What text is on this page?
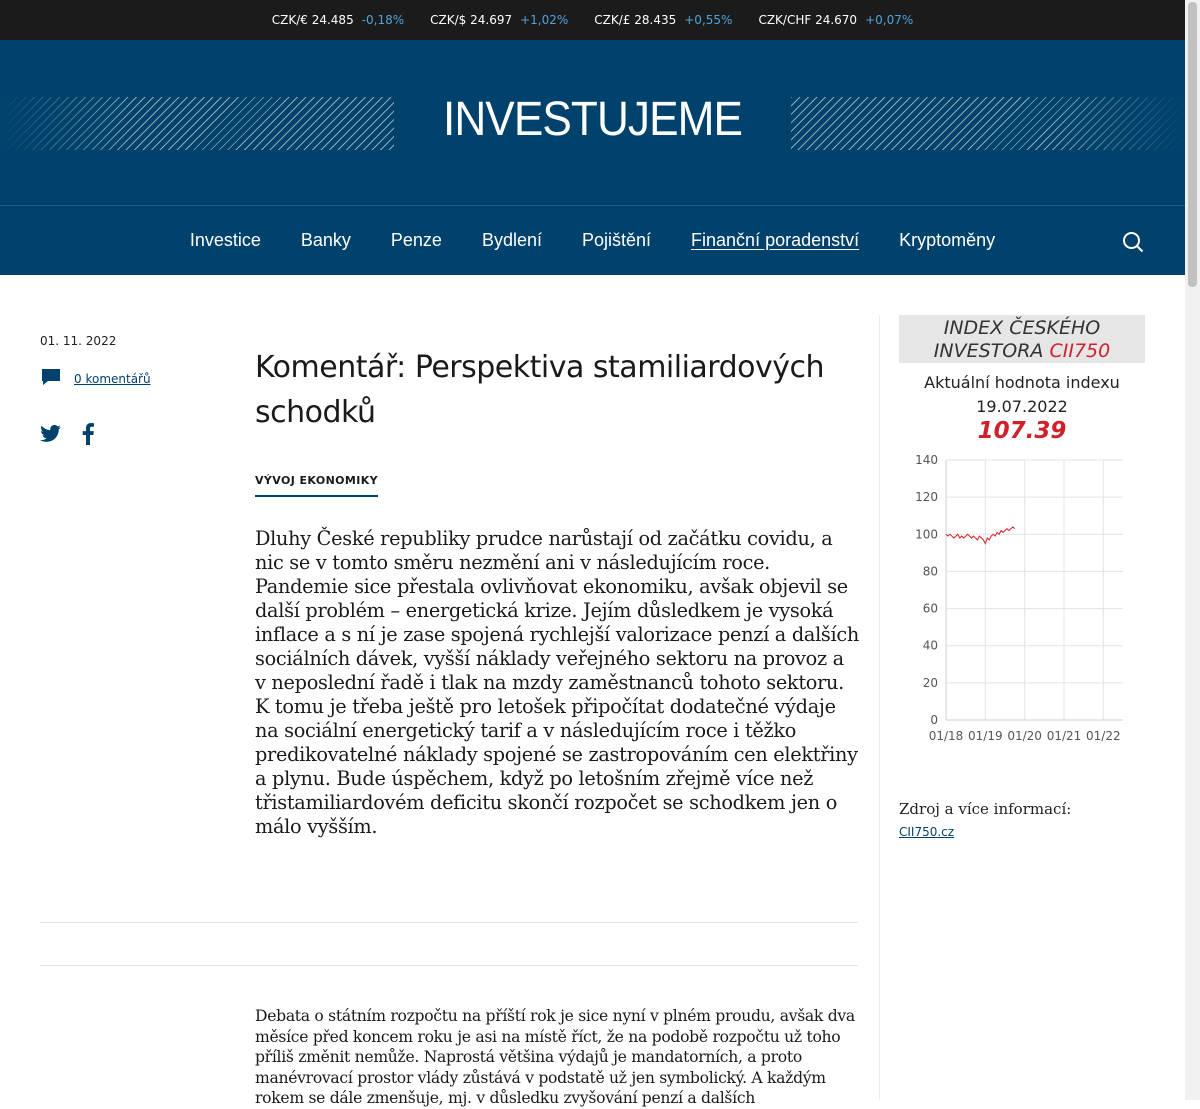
CZK/€ 24.485 -0,18% CZK/$ 24.697 +1,02% CZK/£ 28.435 +0,55% CZK/CHF 24.670 +0,07%
INVESTUJEME
Investice Banky Penze Bydlení Pojištění Finanční poradenství Kryptoměny
01. 11. 2022
0 komentářů	Komentář: Perspektiva stamiliardových schodků
VÝVOJ EKONOMIKY

Dluhy České republiky prudce narůstají od začátku covidu, a nic se v tomto směru nezmění ani v následujícím roce. Pandemie sice přestala ovlivňovat ekonomiku, avšak objevil se další problém – energetická krize. Jejím důsledkem je vysoká inflace a s ní je zase spojená rychlejší valorizace penzí a dalších sociálních dávek, vyšší náklady veřejného sektoru na provoz a v neposlední řadě i tlak na mzdy zaměstnanců tohoto sektoru. K tomu je třeba ještě pro letošek připočítat dodatečné výdaje na sociální energetický tarif a v následujícím roce i těžko predikovatelné náklady spojené se zastropováním cen elektřiny a plynu. Bude úspěchem, když po letošním zřejmě více než třistamiliardovém deficitu skončí rozpočet se schodkem jen o málo vyšším.

Debata o státním rozpočtu na příští rok je sice nyní v plném proudu, avšak dva měsíce před koncem roku je asi na místě říct, že na podobě rozpočtu už toho příliš změnit nemůže. Naprostá většina výdajů je mandatorních, a proto manévrovací prostor vlády zůstává v podstatě už jen symbolický. A každým rokem se dále zmenšuje, mj. v důsledku zvyšování penzí a dalších

INDEX ČESKÉHO
INVESTORA CII750
Aktuální hodnota indexu
19.07.2022
107.39
0
20
40
60
80
100
120
140
01/18 01/19 01/20 01/21 01/22
Zdroj a více informací:
CII750.cz
